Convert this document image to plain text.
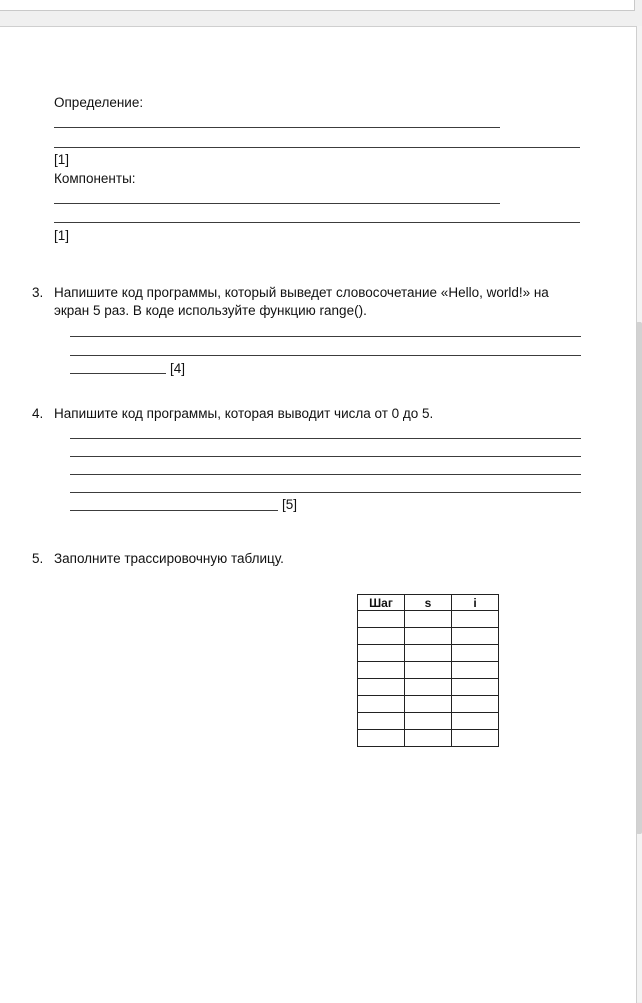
Определение:
[1]
Компоненты:
[1]
3. Напишите код программы, который выведет словосочетание «Hello, world!» на
экран 5 раз. В коде используйте функцию range().
[4]
4. Напишите код программы, которая выводит числа от 0 до 5.
[5]
5. Заполните трассировочную таблицу.
Шаг	s	i
